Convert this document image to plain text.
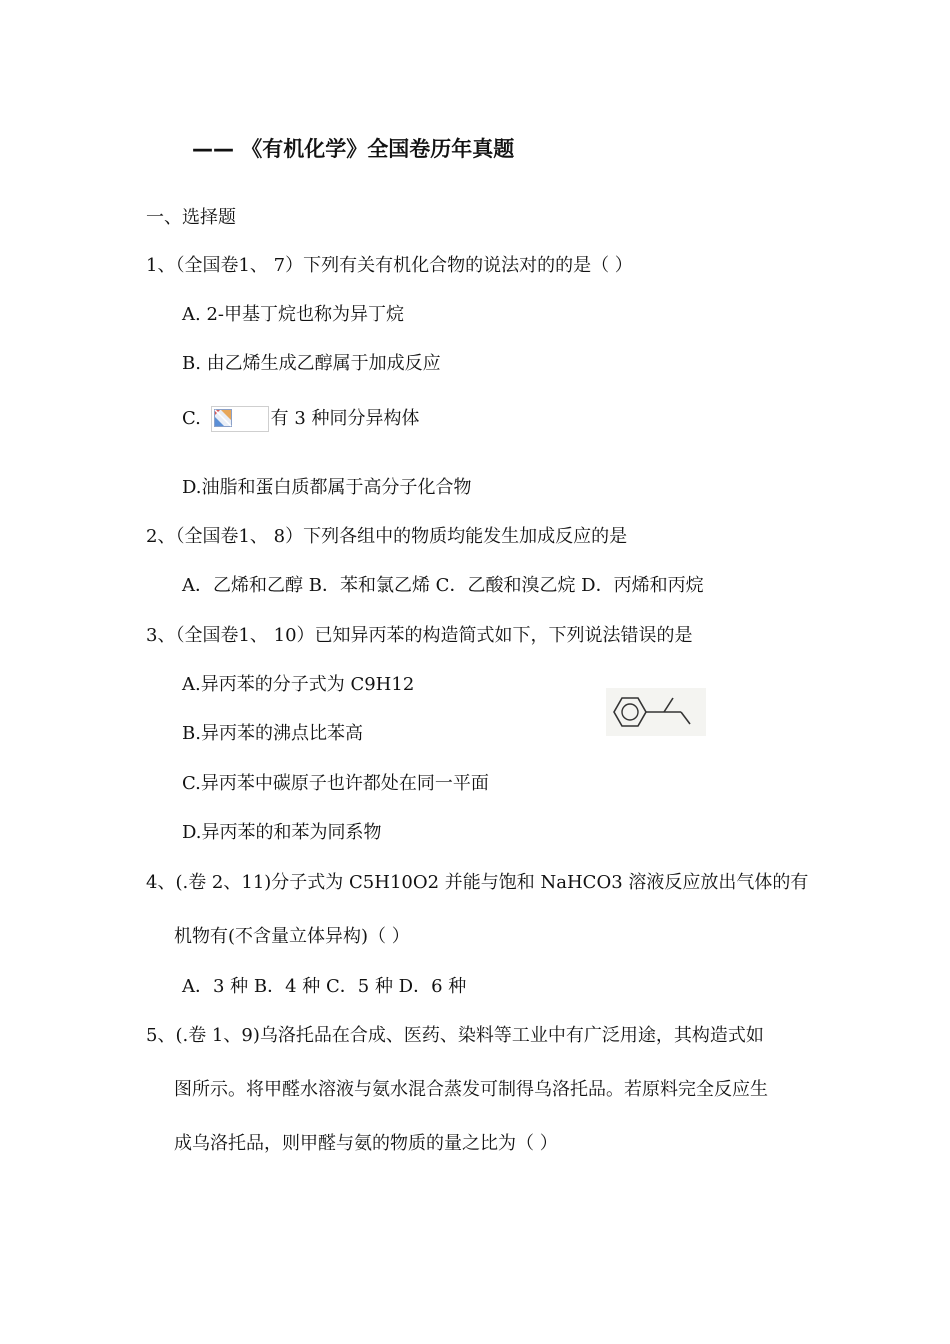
—— 《有机化学》全国卷历年真题
一、选择题
1、（全国卷1、 7）下列有关有机化合物的说法对的的是（ ）
A. 2-甲基丁烷也称为异丁烷
B. 由乙烯生成乙醇属于加成反应
C.	有 3 种同分异构体
D.油脂和蛋白质都属于高分子化合物
2、（全国卷1、 8）下列各组中的物质均能发生加成反应的是
A．乙烯和乙醇 B．苯和氯乙烯 C．乙酸和溴乙烷 D．丙烯和丙烷
3、（全国卷1、 10）已知异丙苯的构造简式如下，下列说法错误的是
A.异丙苯的分子式为 C9H12
B.异丙苯的沸点比苯高
C.异丙苯中碳原子也许都处在同一平面
D.异丙苯的和苯为同系物
4、(.卷 2、11)分子式为 C5H10O2 并能与饱和 NaHCO3 溶液反应放出气体的有
机物有(不含量立体异构)（ ）
A．3 种 B．4 种 C．5 种 D．6 种
5、(.卷 1、9)乌洛托品在合成、医药、染料等工业中有广泛用途，其构造式如
图所示。将甲醛水溶液与氨水混合蒸发可制得乌洛托品。若原料完全反应生
成乌洛托品，则甲醛与氨的物质的量之比为（ ）
